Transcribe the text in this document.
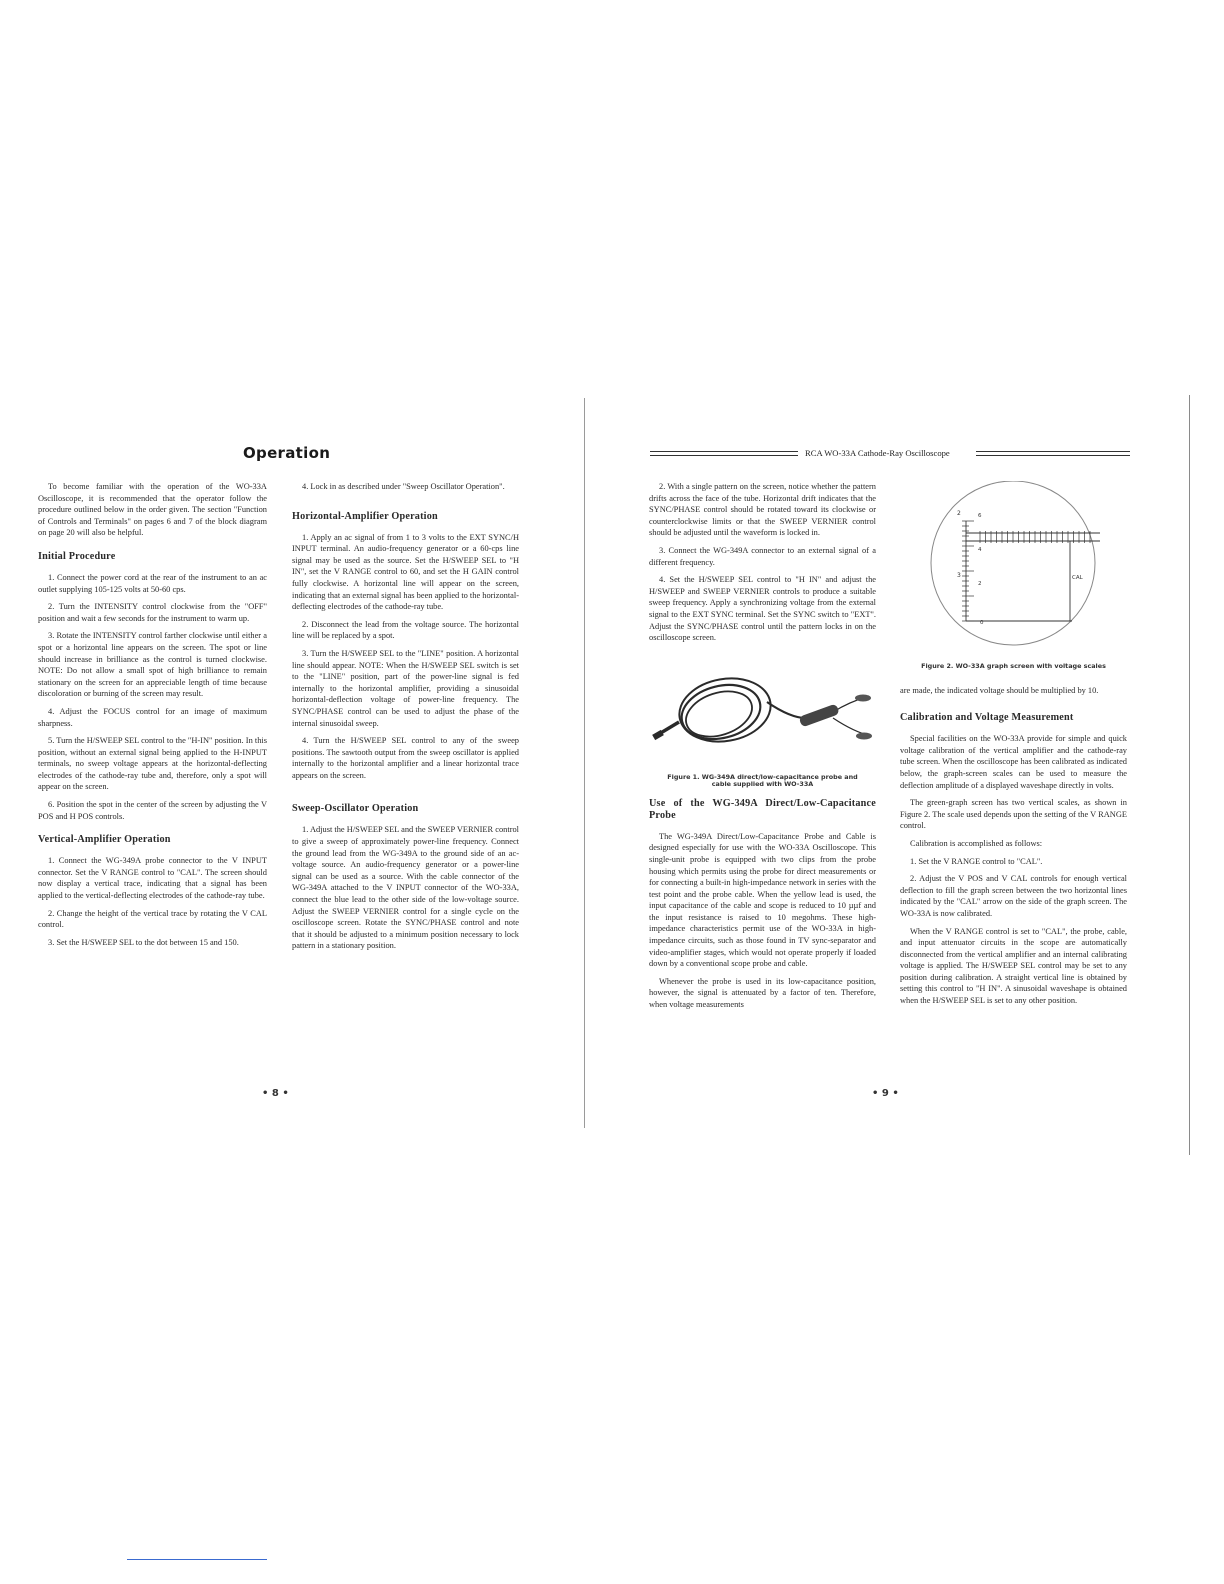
Operation

To become familiar with the operation of the WO-33A Oscilloscope, it is recommended that the operator follow the procedure outlined below in the order given. The section "Function of Controls and Terminals" on pages 6 and 7 of the block diagram on page 20 will also be helpful.

Initial Procedure

1. Connect the power cord at the rear of the instrument to an ac outlet supplying 105-125 volts at 50-60 cps.

2. Turn the INTENSITY control clockwise from the "OFF" position and wait a few seconds for the instrument to warm up.

3. Rotate the INTENSITY control farther clockwise until either a spot or a horizontal line appears on the screen. The spot or line should increase in brilliance as the control is turned clockwise. NOTE: Do not allow a small spot of high brilliance to remain stationary on the screen for an appreciable length of time because discoloration or burning of the screen may result.

4. Adjust the FOCUS control for an image of maximum sharpness.

5. Turn the H/SWEEP SEL control to the "H-IN" position. In this position, without an external signal being applied to the H-INPUT terminals, no sweep voltage appears at the horizontal-deflecting electrodes of the cathode-ray tube and, therefore, only a spot will appear on the screen.

6. Position the spot in the center of the screen by adjusting the V POS and H POS controls.

Vertical-Amplifier Operation

1. Connect the WG-349A probe connector to the V INPUT connector. Set the V RANGE control to "CAL". The screen should now display a vertical trace, indicating that a signal has been applied to the vertical-deflecting electrodes of the cathode-ray tube.

2. Change the height of the vertical trace by rotating the V CAL control.

3. Set the H/SWEEP SEL to the dot between 15 and 150.

4. Lock in as described under "Sweep Oscillator Operation".

Horizontal-Amplifier Operation

1. Apply an ac signal of from 1 to 3 volts to the EXT SYNC/H INPUT terminal. An audio-frequency generator or a 60-cps line signal may be used as the source. Set the H/SWEEP SEL to "H IN", set the V RANGE control to 60, and set the H GAIN control fully clockwise. A horizontal line will appear on the screen, indicating that an external signal has been applied to the horizontal-deflecting electrodes of the cathode-ray tube.

2. Disconnect the lead from the voltage source. The horizontal line will be replaced by a spot.

3. Turn the H/SWEEP SEL to the "LINE" position. A horizontal line should appear. NOTE: When the H/SWEEP SEL switch is set to the "LINE" position, part of the power-line signal is fed internally to the horizontal amplifier, providing a sinusoidal horizontal-deflection voltage of power-line frequency. The SYNC/PHASE control can be used to adjust the phase of the internal sinusoidal sweep.

4. Turn the H/SWEEP SEL control to any of the sweep positions. The sawtooth output from the sweep oscillator is applied internally to the horizontal amplifier and a linear horizontal trace appears on the screen.

Sweep-Oscillator Operation

1. Adjust the H/SWEEP SEL and the SWEEP VERNIER control to give a sweep of approximately power-line frequency. Connect the ground lead from the WG-349A to the ground side of an ac-voltage source. An audio-frequency generator or a power-line signal can be used as a source. With the cable connector of the WG-349A attached to the V INPUT connector of the WO-33A, connect the blue lead to the other side of the low-voltage source. Adjust the SWEEP VERNIER control for a single cycle on the oscilloscope screen. Rotate the SYNC/PHASE control and note that it should be adjusted to a minimum position necessary to lock pattern in a stationary position.

• 8 •
RCA WO-33A Cathode-Ray Oscilloscope

2. With a single pattern on the screen, notice whether the pattern drifts across the face of the tube. Horizontal drift indicates that the SYNC/PHASE control should be rotated toward its clockwise or counterclockwise limits or that the SWEEP VERNIER control should be adjusted until the waveform is locked in.

3. Connect the WG-349A connector to an external signal of a different frequency.

4. Set the H/SWEEP SEL control to "H IN" and adjust the H/SWEEP and SWEEP VERNIER controls to produce a suitable sweep frequency. Apply a synchronizing voltage from the external signal to the EXT SYNC terminal. Set the SYNC switch to "EXT". Adjust the SYNC/PHASE control until the pattern locks in on the oscilloscope screen.

Figure 1. WG-349A direct/low-capacitance probe and
cable supplied with WO-33A
Use of the WG-349A Direct/Low-Capacitance Probe

The WG-349A Direct/Low-Capacitance Probe and Cable is designed especially for use with the WO-33A Oscilloscope. This single-unit probe is equipped with two clips from the probe housing which permits using the probe for direct measurements or for connecting a built-in high-impedance network in series with the test point and the probe cable. When the yellow lead is used, the input capacitance of the cable and scope is reduced to 10 µµf and the input resistance is raised to 10 megohms. These high-impedance characteristics permit use of the WO-33A in high-impedance circuits, such as those found in TV sync-separator and video-amplifier stages, which would not operate properly if loaded down by a conventional scope probe and cable.

Whenever the probe is used in its low-capacitance position, however, the signal is attenuated by a factor of ten. Therefore, when voltage measurements

2
3
6
4
2
0
CAL
Figure 2. WO-33A graph screen with voltage scales

are made, the indicated voltage should be multiplied by 10.

Calibration and Voltage Measurement

Special facilities on the WO-33A provide for simple and quick voltage calibration of the vertical amplifier and the cathode-ray tube screen. When the oscilloscope has been calibrated as indicated below, the graph-screen scales can be used to measure the deflection amplitude of a displayed waveshape directly in volts.

The green-graph screen has two vertical scales, as shown in Figure 2. The scale used depends upon the setting of the V RANGE control.

Calibration is accomplished as follows:

1. Set the V RANGE control to "CAL".

2. Adjust the V POS and V CAL controls for enough vertical deflection to fill the graph screen between the two horizontal lines indicated by the "CAL" arrow on the side of the graph screen. The WO-33A is now calibrated.

When the V RANGE control is set to "CAL", the probe, cable, and input attenuator circuits in the scope are automatically disconnected from the vertical amplifier and an internal calibrating voltage is applied. The H/SWEEP SEL control may be set to any position during calibration. A straight vertical line is obtained by setting this control to "H IN". A sinusoidal waveshape is obtained when the H/SWEEP SEL is set to any other position.

• 9 •
